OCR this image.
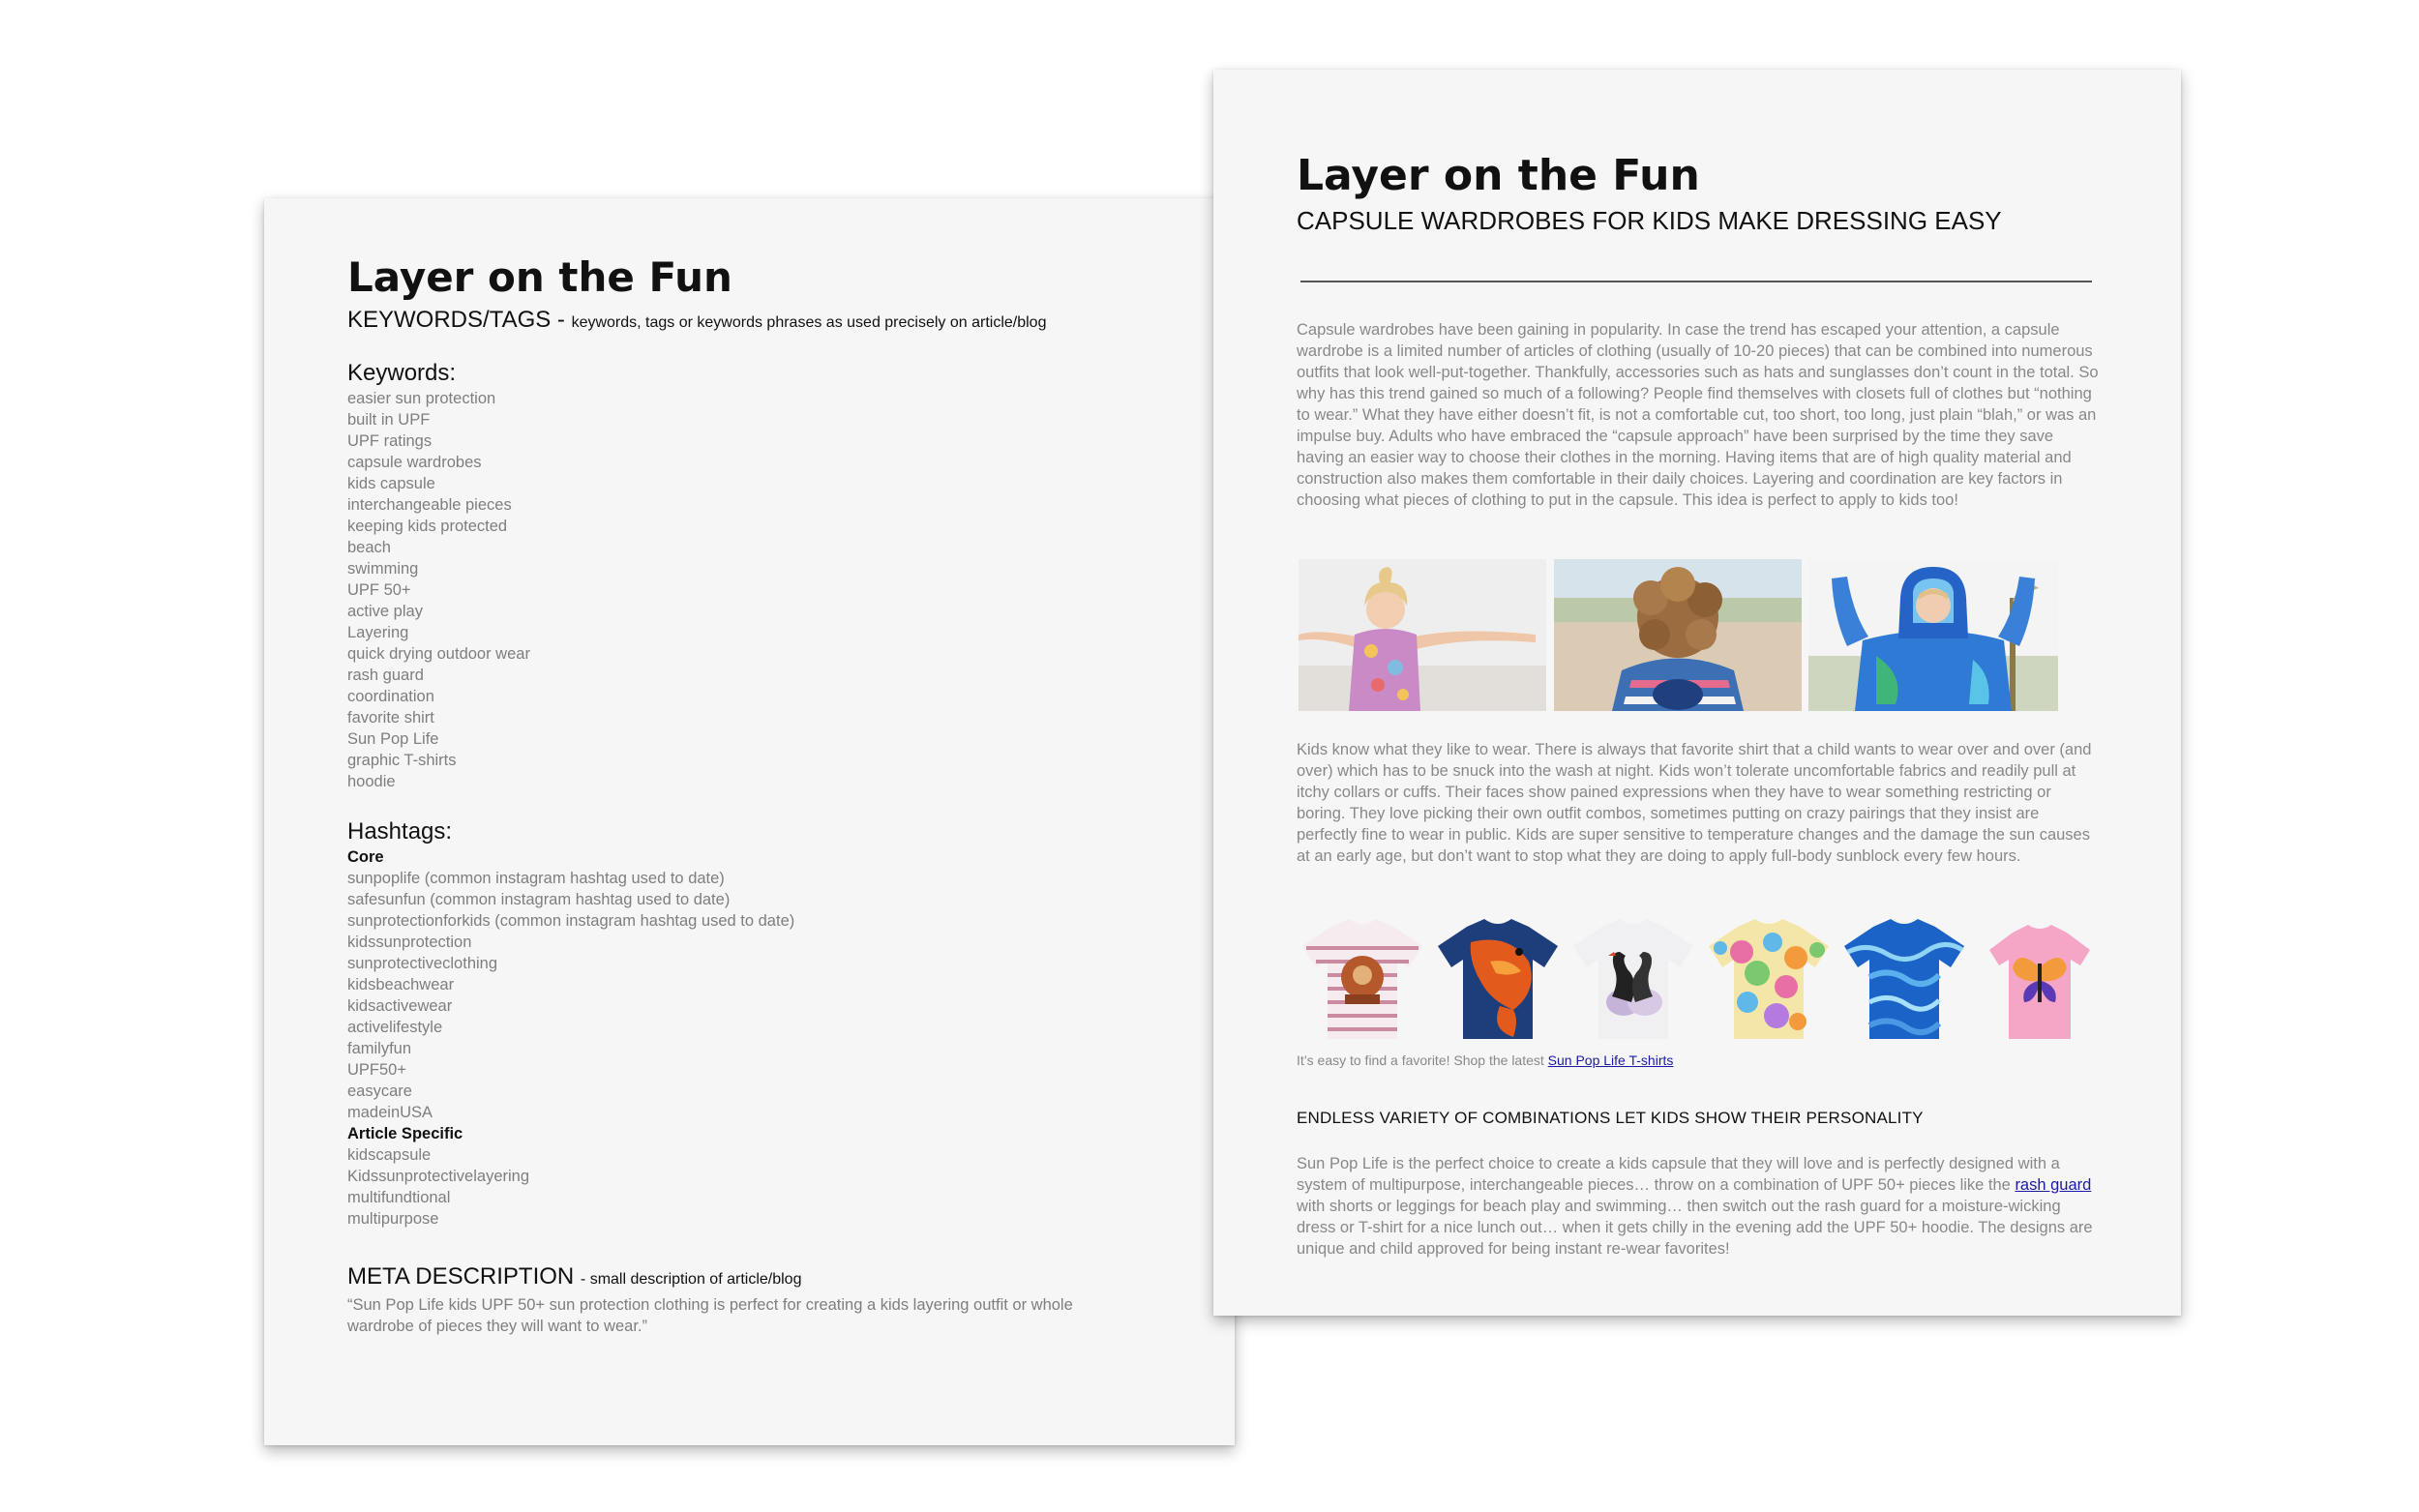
Layer on the Fun
KEYWORDS/TAGS - keywords, tags or keywords phrases as used precisely on article/blog
Keywords:
easier sun protection
built in UPF
UPF ratings
capsule wardrobes
kids capsule
interchangeable pieces
keeping kids protected
beach
swimming
UPF 50+
active play
Layering
quick drying outdoor wear
rash guard
coordination
favorite shirt
Sun Pop Life
graphic T-shirts
hoodie
Hashtags:
Core
sunpoplife (common instagram hashtag used to date)
safesunfun (common instagram hashtag used to date)
sunprotectionforkids (common instagram hashtag used to date)
kidssunprotection
sunprotectiveclothing
kidsbeachwear
kidsactivewear
activelifestyle
familyfun
UPF50+
easycare
madeinUSA
Article Specific
kidscapsule
Kidssunprotectivelayering
multifundtional
multipurpose
META DESCRIPTION - small description of article/blog
“Sun Pop Life kids UPF 50+ sun protection clothing is perfect for creating a kids layering outfit or whole wardrobe of pieces they will want to wear.”
Layer on the Fun
CAPSULE WARDROBES FOR KIDS MAKE DRESSING EASY
Capsule wardrobes have been gaining in popularity. In case the trend has escaped your attention, a capsule wardrobe is a limited number of articles of clothing (usually of 10-20 pieces) that can be combined into numerous outfits that look well-put-together. Thankfully, accessories such as hats and sunglasses don’t count in the total. So why has this trend gained so much of a following? People find themselves with closets full of clothes but “nothing to wear.” What they have either doesn’t fit, is not a comfortable cut, too short, too long, just plain “blah,” or was an impulse buy. Adults who have embraced the “capsule approach” have been surprised by the time they save having an easier way to choose their clothes in the morning. Having items that are of high quality material and construction also makes them comfortable in their daily choices. Layering and coordination are key factors in choosing what pieces of clothing to put in the capsule. This idea is perfect to apply to kids too!
Kids know what they like to wear. There is always that favorite shirt that a child wants to wear over and over (and over) which has to be snuck into the wash at night. Kids won’t tolerate uncomfortable fabrics and readily pull at itchy collars or cuffs. Their faces show pained expressions when they have to wear something restricting or boring. They love picking their own outfit combos, sometimes putting on crazy pairings that they insist are perfectly fine to wear in public. Kids are super sensitive to temperature changes and the damage the sun causes at an early age, but don’t want to stop what they are doing to apply full-body sunblock every few hours.
It’s easy to find a favorite! Shop the latest Sun Pop Life T-shirts
ENDLESS VARIETY OF COMBINATIONS LET KIDS SHOW THEIR PERSONALITY
Sun Pop Life is the perfect choice to create a kids capsule that they will love and is perfectly designed with a system of multipurpose, interchangeable pieces… throw on a combination of UPF 50+ pieces like the rash guard with shorts or leggings for beach play and swimming… then switch out the rash guard for a moisture-wicking dress or T-shirt for a nice lunch out… when it gets chilly in the evening add the UPF 50+ hoodie. The designs are unique and child approved for being instant re-wear favorites!
